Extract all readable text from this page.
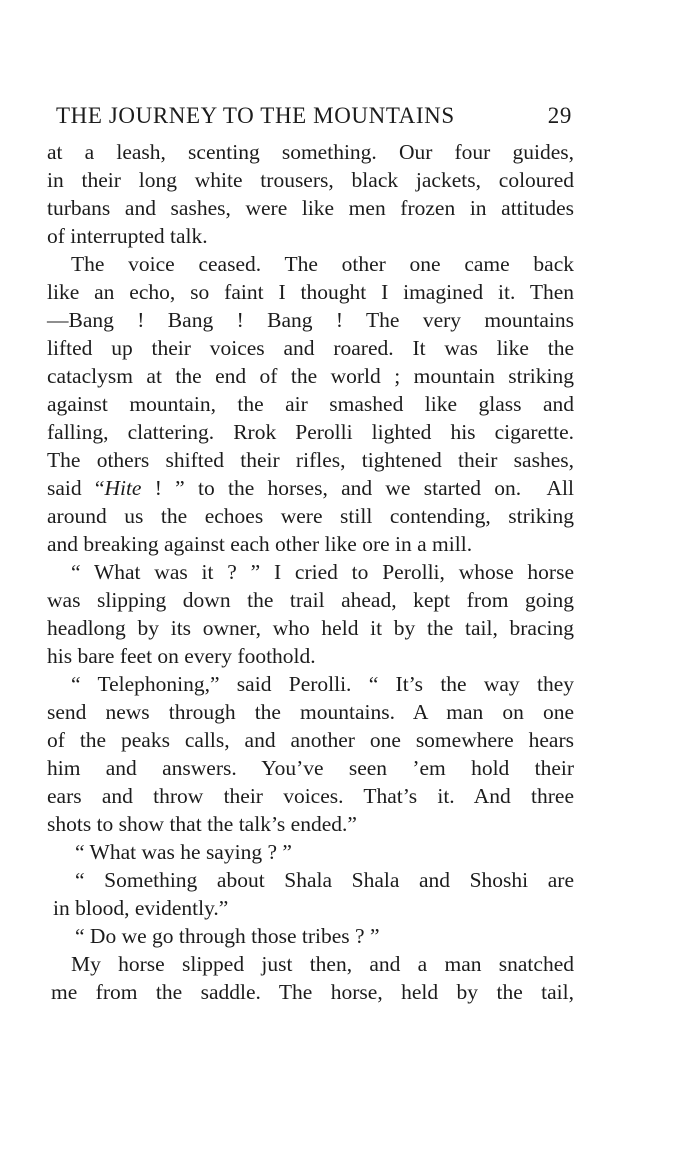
THE JOURNEY TO THE MOUNTAINS	29
at a leash, scenting something. Our four guides,
in their long white trousers, black jackets, coloured
turbans and sashes, were like men frozen in attitudes
of interrupted talk.
The voice ceased. The other one came back
like an echo, so faint I thought I imagined it. Then
—Bang ! Bang ! Bang ! The very mountains
lifted up their voices and roared. It was like the
cataclysm at the end of the world ; mountain striking
against mountain, the air smashed like glass and
falling, clattering. Rrok Perolli lighted his cigarette.
The others shifted their rifles, tightened their sashes,
said “Hite ! ” to the horses, and we started on.  All
around us the echoes were still contending, striking
and breaking against each other like ore in a mill.
“ What was it ? ” I cried to Perolli, whose horse
was slipping down the trail ahead, kept from going
headlong by its owner, who held it by the tail, bracing
his bare feet on every foothold.
“ Telephoning,” said Perolli. “ It’s the way they
send news through the mountains. A man on one
of the peaks calls, and another one somewhere hears
him and answers. You’ve seen ’em hold their
ears and throw their voices. That’s it. And three
shots to show that the talk’s ended.”
“ What was he saying ? ”
“ Something about Shala Shala and Shoshi are
in blood, evidently.”
“ Do we go through those tribes ? ”
My horse slipped just then, and a man snatched
me from the saddle. The horse, held by the tail,
